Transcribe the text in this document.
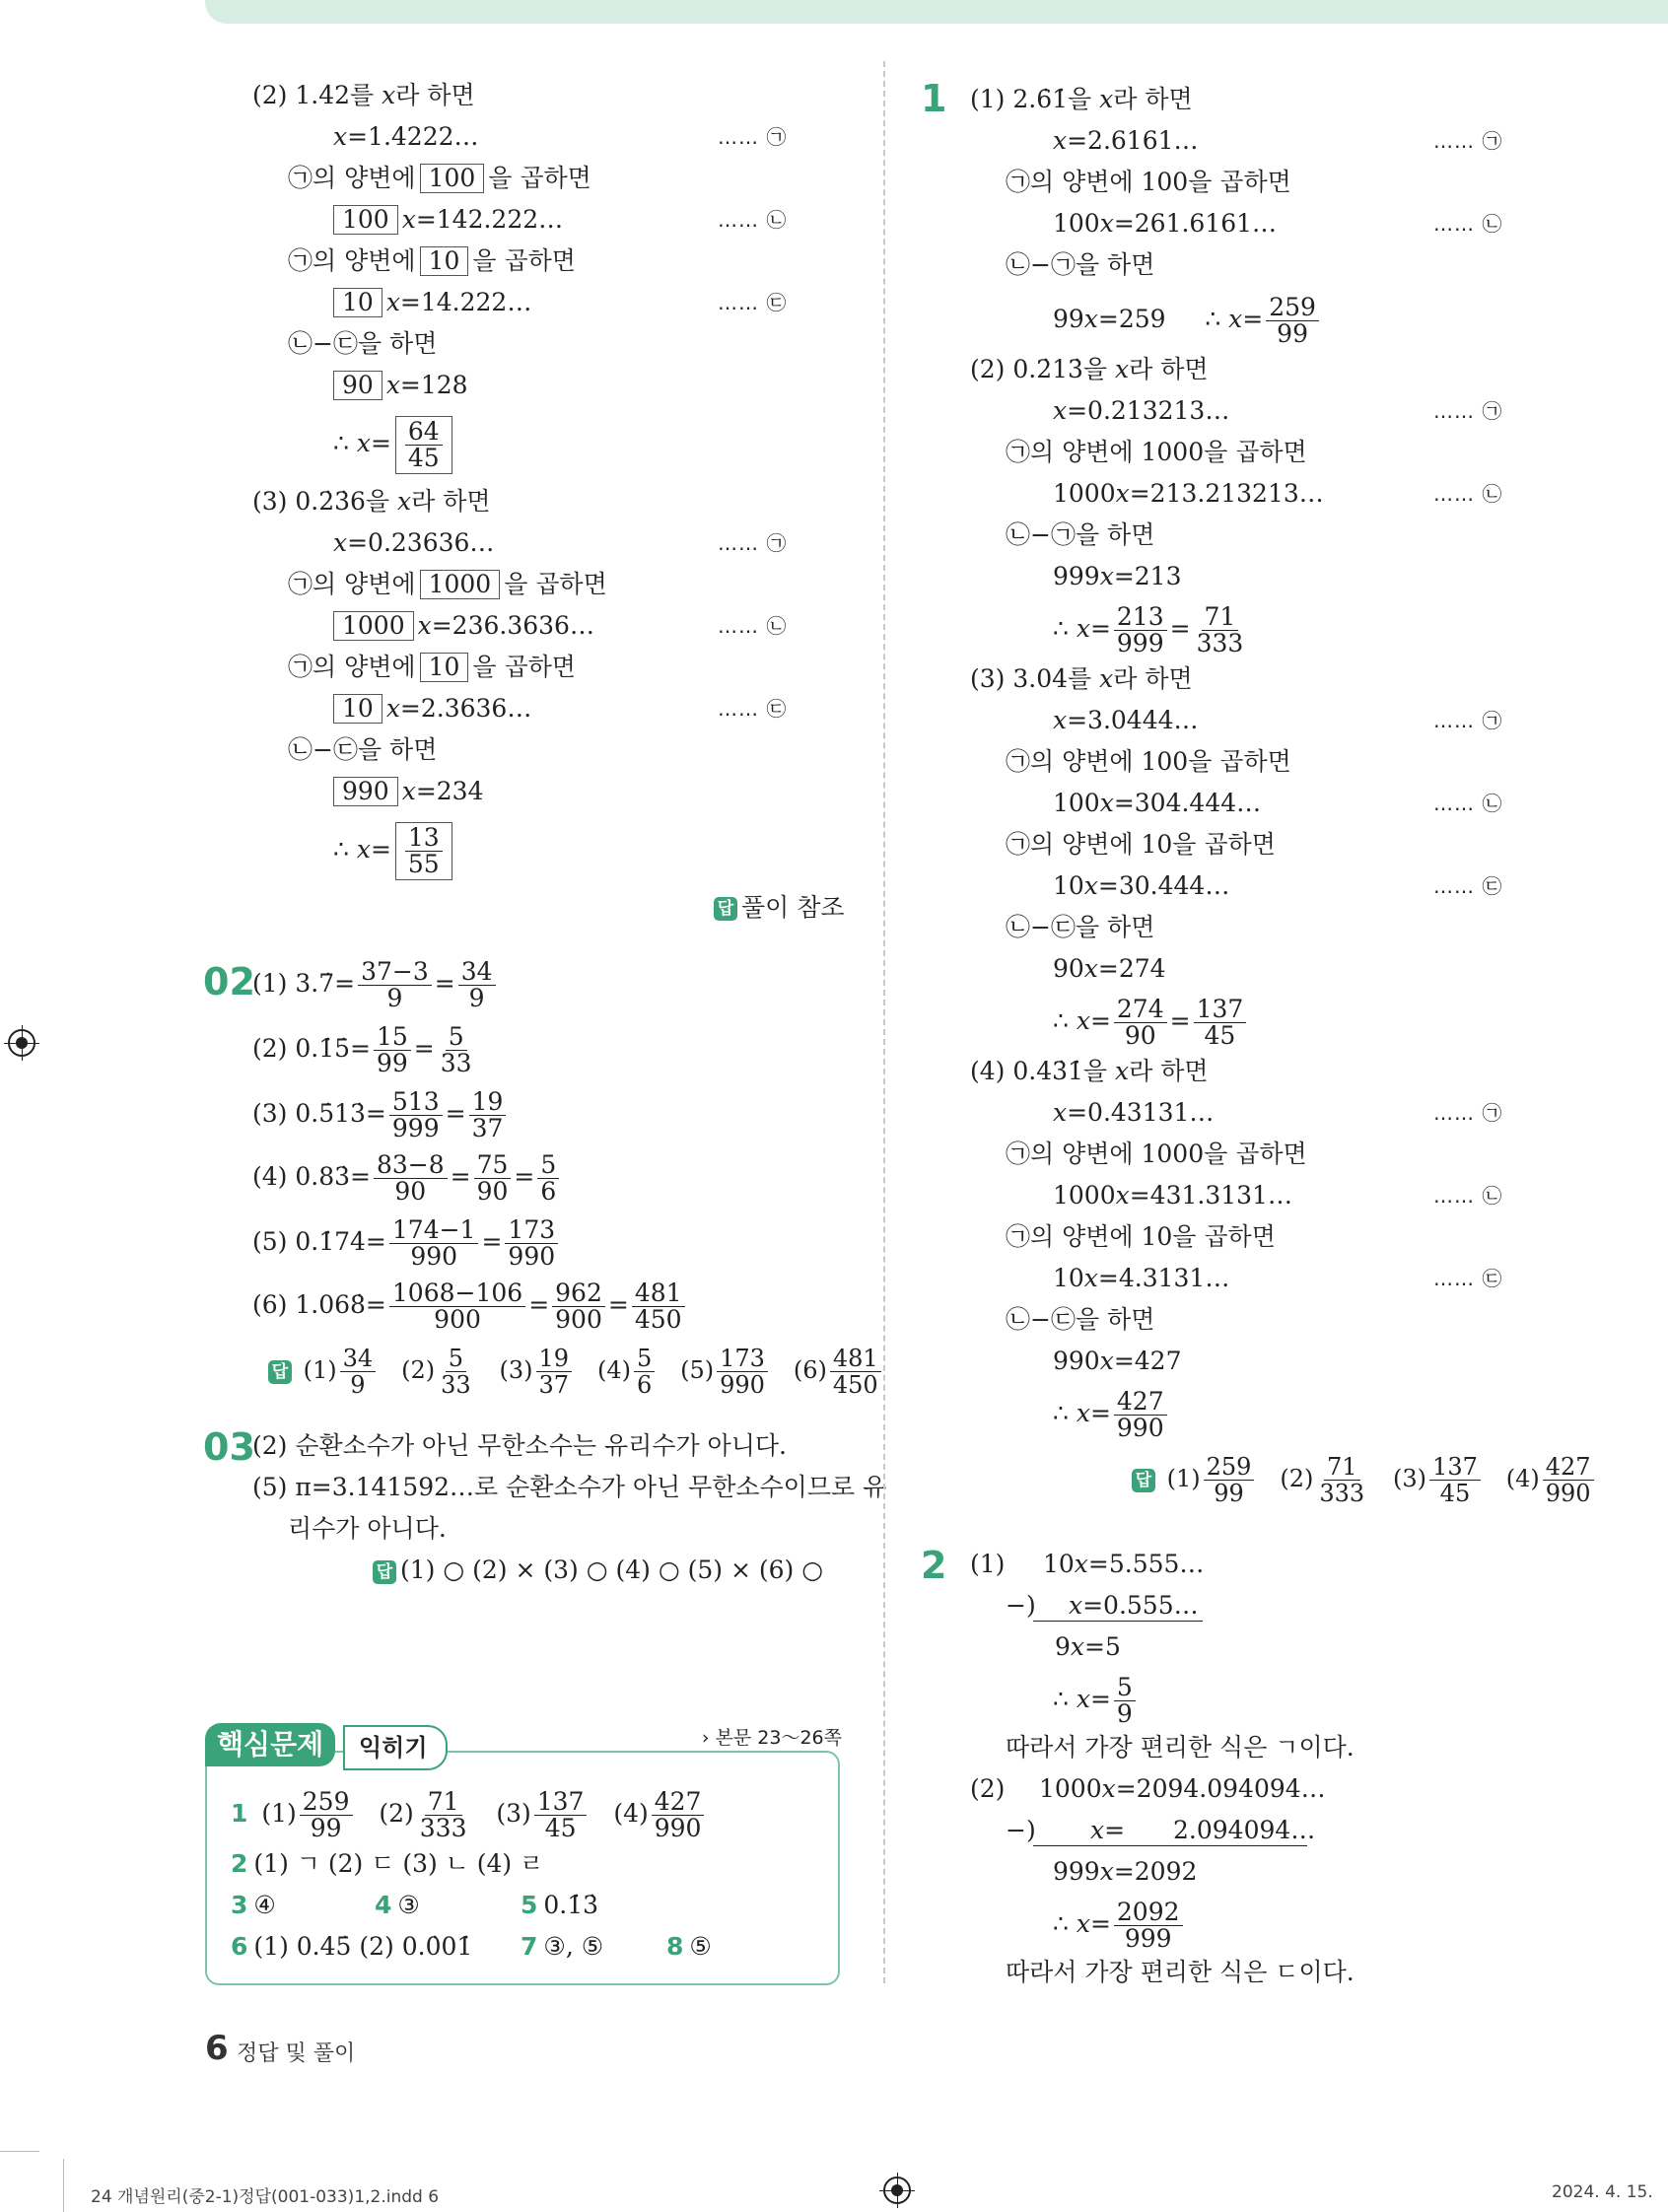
(2) 1.4̇2를 𝑥라 하면
𝑥=1.4222…	…… ㉠
㉠의 양변에 100 을 곱하면
100 𝑥=142.222…	…… ㉡
㉠의 양변에 10 을 곱하면
10 𝑥=14.222…	…… ㉢
㉡−㉢을 하면
90 𝑥=128
∴ 𝑥= $\frac{64}{45}$
(3) 0.2̇3̇6을 𝑥라 하면
𝑥=0.23636…	…… ㉠
㉠의 양변에 1000 을 곱하면
1000 𝑥=236.3636…	…… ㉡
㉠의 양변에 10 을 곱하면
10 𝑥=2.3636…	…… ㉢
㉡−㉢을 하면
990 𝑥=234
∴ 𝑥= $\frac{13}{55}$
답 풀이 참조
02
(1) 3.7̇= $\frac{37-3}{9} = \frac{34}{9}$
(2) 0.1̇5̇= $\frac{15}{99} = \frac{5}{33}$
(3) 0.5̇13̇= $\frac{513}{999} = \frac{19}{37}$
(4) 0.83̇= $\frac{83-8}{90} = \frac{75}{90} = \frac{5}{6}$
(5) 0.1̇74̇= $\frac{174-1}{990} = \frac{173}{990}$
(6) 1.068̇= $\frac{1068-106}{900} = \frac{962}{900} = \frac{481}{450}$
답 $(1) \frac{34}{9} (2) \frac{5}{33} (3) \frac{19}{37} (4) \frac{5}{6} (5) \frac{173}{990} (6) \frac{481}{450}$
03
(2) 순환소수가 아닌 무한소수는 유리수가 아니다.
(5) π=3.141592…로 순환소수가 아닌 무한소수이므로 유
리수가 아니다.
답 (1) ○ (2) × (3) ○ (4) ○ (5) × (6) ○
익히기
핵심문제	› 본문 23～26쪽
1 $(1) \frac{259}{99} (2) \frac{71}{333} (3) \frac{137}{45} (4) \frac{427}{990}$
2 (1) ㄱ (2) ㄷ (3) ㄴ (4) ㄹ
3 ④	4 ③	5 0.1̇3̇
6 (1) 0.45̇ (2) 0.0̇01̇ 7 ③, ⑤	8 ⑤
1 (1) 2.6̇1̇을 𝑥라 하면
𝑥=2.6161…	…… ㉠
㉠의 양변에 100을 곱하면
100𝑥=261.6161…	…… ㉡
㉡−㉠을 하면
99𝑥=259 ∴ 𝑥= $\frac{259}{99}$
(2) 0.2̇13̇을 𝑥라 하면
𝑥=0.213213…	…… ㉠
㉠의 양변에 1000을 곱하면
1000𝑥=213.213213…	…… ㉡
㉡−㉠을 하면
999𝑥=213
∴ 𝑥= $\frac{213}{999} = \frac{71}{333}$
(3) 3.04̇를 𝑥라 하면
𝑥=3.0444…	…… ㉠
㉠의 양변에 100을 곱하면
100𝑥=304.444…	…… ㉡
㉠의 양변에 10을 곱하면
10𝑥=30.444…	…… ㉢
㉡−㉢을 하면
90𝑥=274
∴ 𝑥= $\frac{274}{90} = \frac{137}{45}$
(4) 0.43̇1̇을 𝑥라 하면
𝑥=0.43131…	…… ㉠
㉠의 양변에 1000을 곱하면
1000𝑥=431.3131…	…… ㉡
㉠의 양변에 10을 곱하면
10𝑥=4.3131…	…… ㉢
㉡−㉢을 하면
990𝑥=427
∴ 𝑥= $\frac{427}{990}$
답 $(1) \frac{259}{99} (2) \frac{71}{333} (3) \frac{137}{45} (4) \frac{427}{990}$
2 (1) 10𝑥=5.555…
−) 𝑥=0.555…
9𝑥=5
∴ 𝑥= $\frac{5}{9}$
따라서 가장 편리한 식은 ㄱ이다.
(2) 1000𝑥=2094.094094…
−) 𝑥= 2.094094…
999𝑥=2092
∴ 𝑥= $\frac{2092}{999}$
따라서 가장 편리한 식은 ㄷ이다.
6 정답 및 풀이
24 개념원리(중2-1)정답(001-033)1,2.indd 6	2024. 4. 15.
